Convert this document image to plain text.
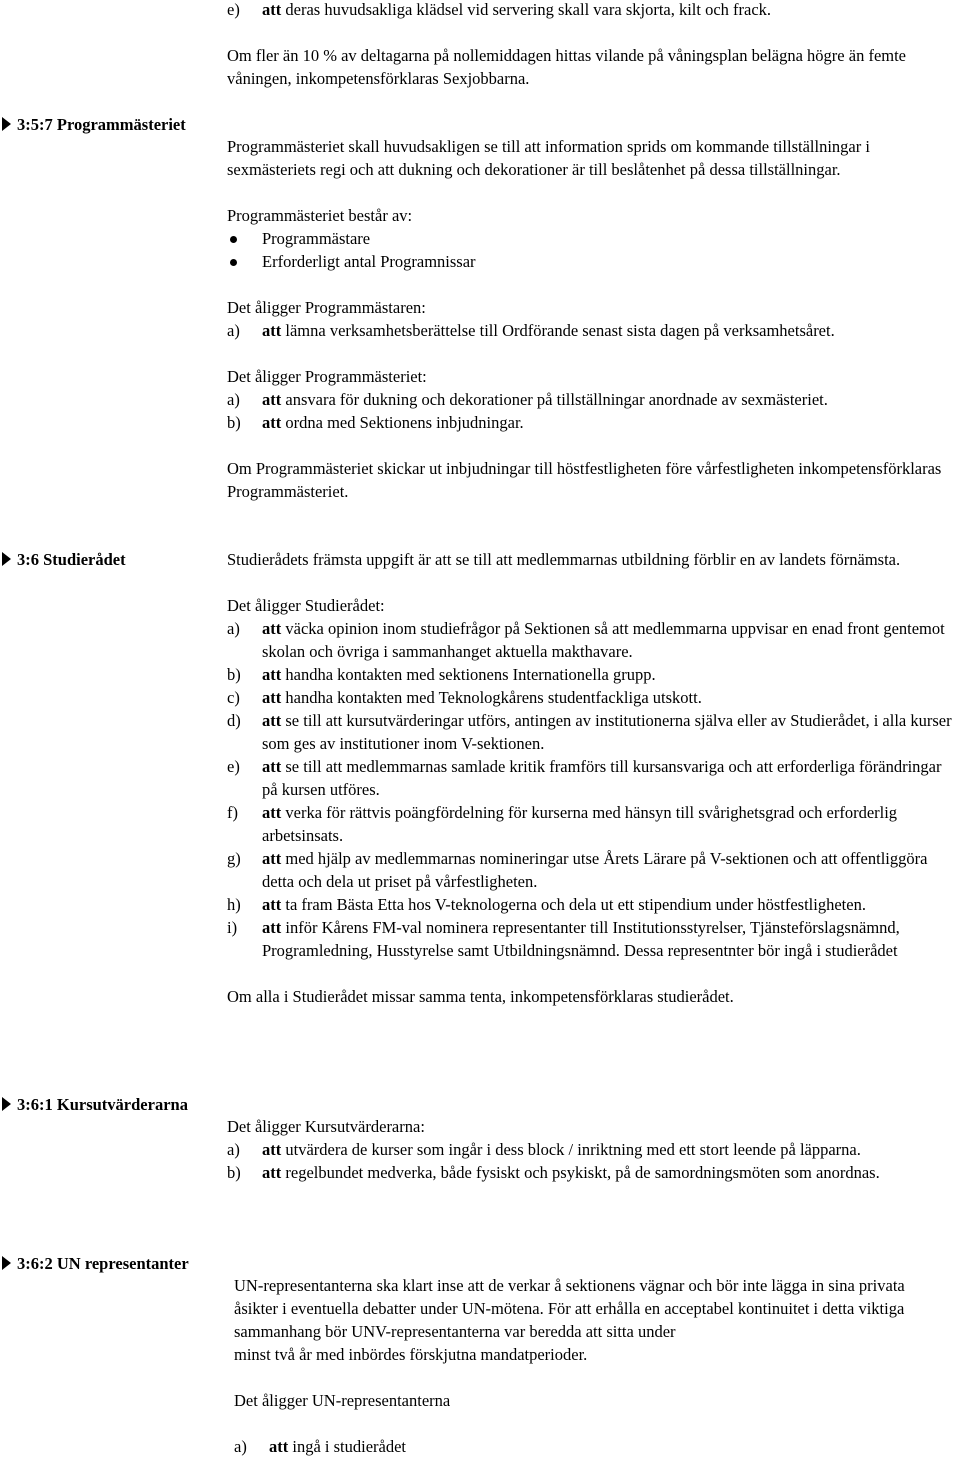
e) att deras huvudsakliga klädsel vid servering skall vara skjorta, kilt och frack.

Om fler än 10 % av deltagarna på nollemiddagen hittas vilande på våningsplan belägna högre än femte våningen, inkompetensförklaras Sexjobbarna.

3:5:7 Programmästeriet

Programmästeriet skall huvudsakligen se till att information sprids om kommande tillställningar i sexmästeriets regi och att dukning och dekorationer är till beslåtenhet på dessa tillställningar.

Programmästeriet består av:

Programmästare
Erforderligt antal Programnissar

Det åligger Programmästaren:

a) att lämna verksamhetsberättelse till Ordförande senast sista dagen på verksamhetsåret.

Det åligger Programmästeriet:

a) att ansvara för dukning och dekorationer på tillställningar anordnade av sexmästeriet.
b) att ordna med Sektionens inbjudningar.

Om Programmästeriet skickar ut inbjudningar till höstfestligheten före vårfestligheten inkompetensförklaras Programmästeriet.

3:6 Studierådet	Studierådets främsta uppgift är att se till att medlemmarnas utbildning förblir en av landets förnämsta.

Det åligger Studierådet:

a) att väcka opinion inom studiefrågor på Sektionen så att medlemmarna uppvisar en enad front gentemot skolan och övriga i sammanhanget aktuella makthavare.
b) att handha kontakten med sektionens Internationella grupp.
c) att handha kontakten med Teknologkårens studentfackliga utskott.
d) att se till att kursutvärderingar utförs, antingen av institutionerna själva eller av Studierådet, i alla kurser som ges av institutioner inom V-sektionen.
e) att se till att medlemmarnas samlade kritik framförs till kursansvariga och att erforderliga förändringar på kursen utföres.
f) att verka för rättvis poängfördelning för kurserna med hänsyn till svårighetsgrad och erforderlig arbetsinsats.
g) att med hjälp av medlemmarnas nomineringar utse Årets Lärare på V-sektionen och att offentliggöra detta och dela ut priset på vårfestligheten.
h) att ta fram Bästa Etta hos V-teknologerna och dela ut ett stipendium under höstfestligheten.
i) att inför Kårens FM-val nominera representanter till Institutionsstyrelser, Tjänsteförslagsnämnd, Programledning, Husstyrelse samt Utbildningsnämnd. Dessa representnter bör ingå i studierådet

Om alla i Studierådet missar samma tenta, inkompetensförklaras studierådet.

3:6:1 Kursutvärderarna

Det åligger Kursutvärderarna:

a) att utvärdera de kurser som ingår i dess block / inriktning med ett stort leende på läpparna.
b) att regelbundet medverka, både fysiskt och psykiskt, på de samordningsmöten som anordnas.
3:6:2 UN representanter

UN-representanterna ska klart inse att de verkar å sektionens vägnar och bör inte lägga in sina privata åsikter i eventuella debatter under UN-mötena. För att erhålla en acceptabel kontinuitet i detta viktiga sammanhang bör UNV-representanterna var beredda att sitta under

minst två år med inbördes förskjutna mandatperioder.

Det åligger UN-representanterna

a) att ingå i studierådet
